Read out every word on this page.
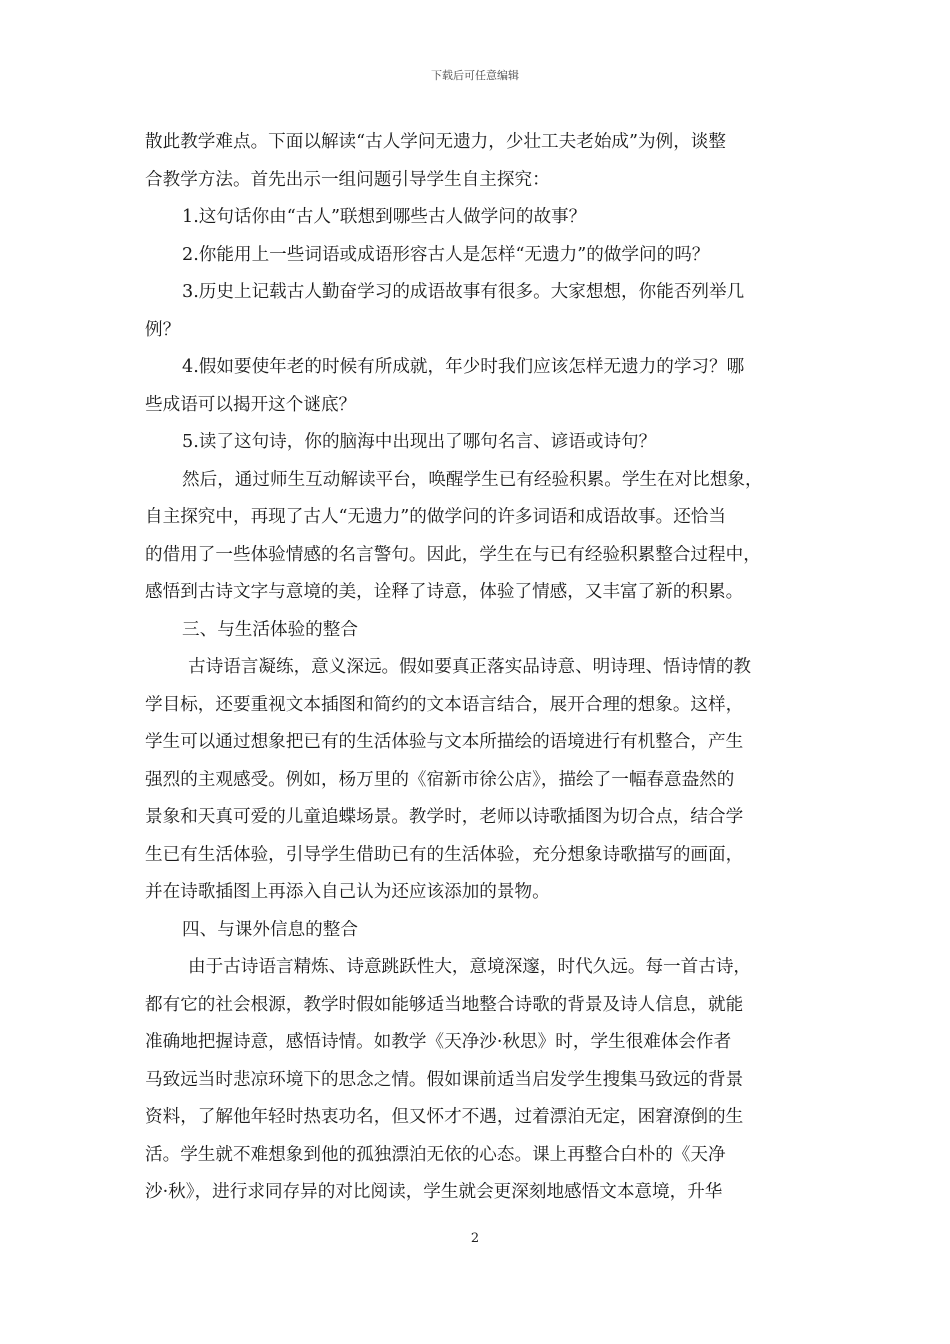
下载后可任意编辑
散此教学难点。下面以解读“古人学问无遗力，少壮工夫老始成”为例，谈整
合教学方法。首先出示一组问题引导学生自主探究：
1.这句话你由“古人”联想到哪些古人做学问的故事？
2.你能用上一些词语或成语形容古人是怎样“无遗力”的做学问的吗？
3.历史上记载古人勤奋学习的成语故事有很多。大家想想，你能否列举几
例？
4.假如要使年老的时候有所成就，年少时我们应该怎样无遗力的学习？哪
些成语可以揭开这个谜底？
5.读了这句诗，你的脑海中出现出了哪句名言、谚语或诗句？
然后，通过师生互动解读平台，唤醒学生已有经验积累。学生在对比想象，
自主探究中，再现了古人“无遗力”的做学问的许多词语和成语故事。还恰当
的借用了一些体验情感的名言警句。因此，学生在与已有经验积累整合过程中，
感悟到古诗文字与意境的美，诠释了诗意，体验了情感，又丰富了新的积累。
三、与生活体验的整合
古诗语言凝练，意义深远。假如要真正落实品诗意、明诗理、悟诗情的教
学目标，还要重视文本插图和简约的文本语言结合，展开合理的想象。这样，
学生可以通过想象把已有的生活体验与文本所描绘的语境进行有机整合，产生
强烈的主观感受。例如，杨万里的《宿新市徐公店》，描绘了一幅春意盎然的
景象和天真可爱的儿童追蝶场景。教学时，老师以诗歌插图为切合点，结合学
生已有生活体验，引导学生借助已有的生活体验，充分想象诗歌描写的画面，
并在诗歌插图上再添入自己认为还应该添加的景物。
四、与课外信息的整合
由于古诗语言精炼、诗意跳跃性大，意境深邃，时代久远。每一首古诗，
都有它的社会根源，教学时假如能够适当地整合诗歌的背景及诗人信息，就能
准确地把握诗意，感悟诗情。如教学《天净沙·秋思》时，学生很难体会作者
马致远当时悲凉环境下的思念之情。假如课前适当启发学生搜集马致远的背景
资料，了解他年轻时热衷功名，但又怀才不遇，过着漂泊无定，困窘潦倒的生
活。学生就不难想象到他的孤独漂泊无依的心态。课上再整合白朴的《天净
沙·秋》，进行求同存异的对比阅读，学生就会更深刻地感悟文本意境，升华
2
